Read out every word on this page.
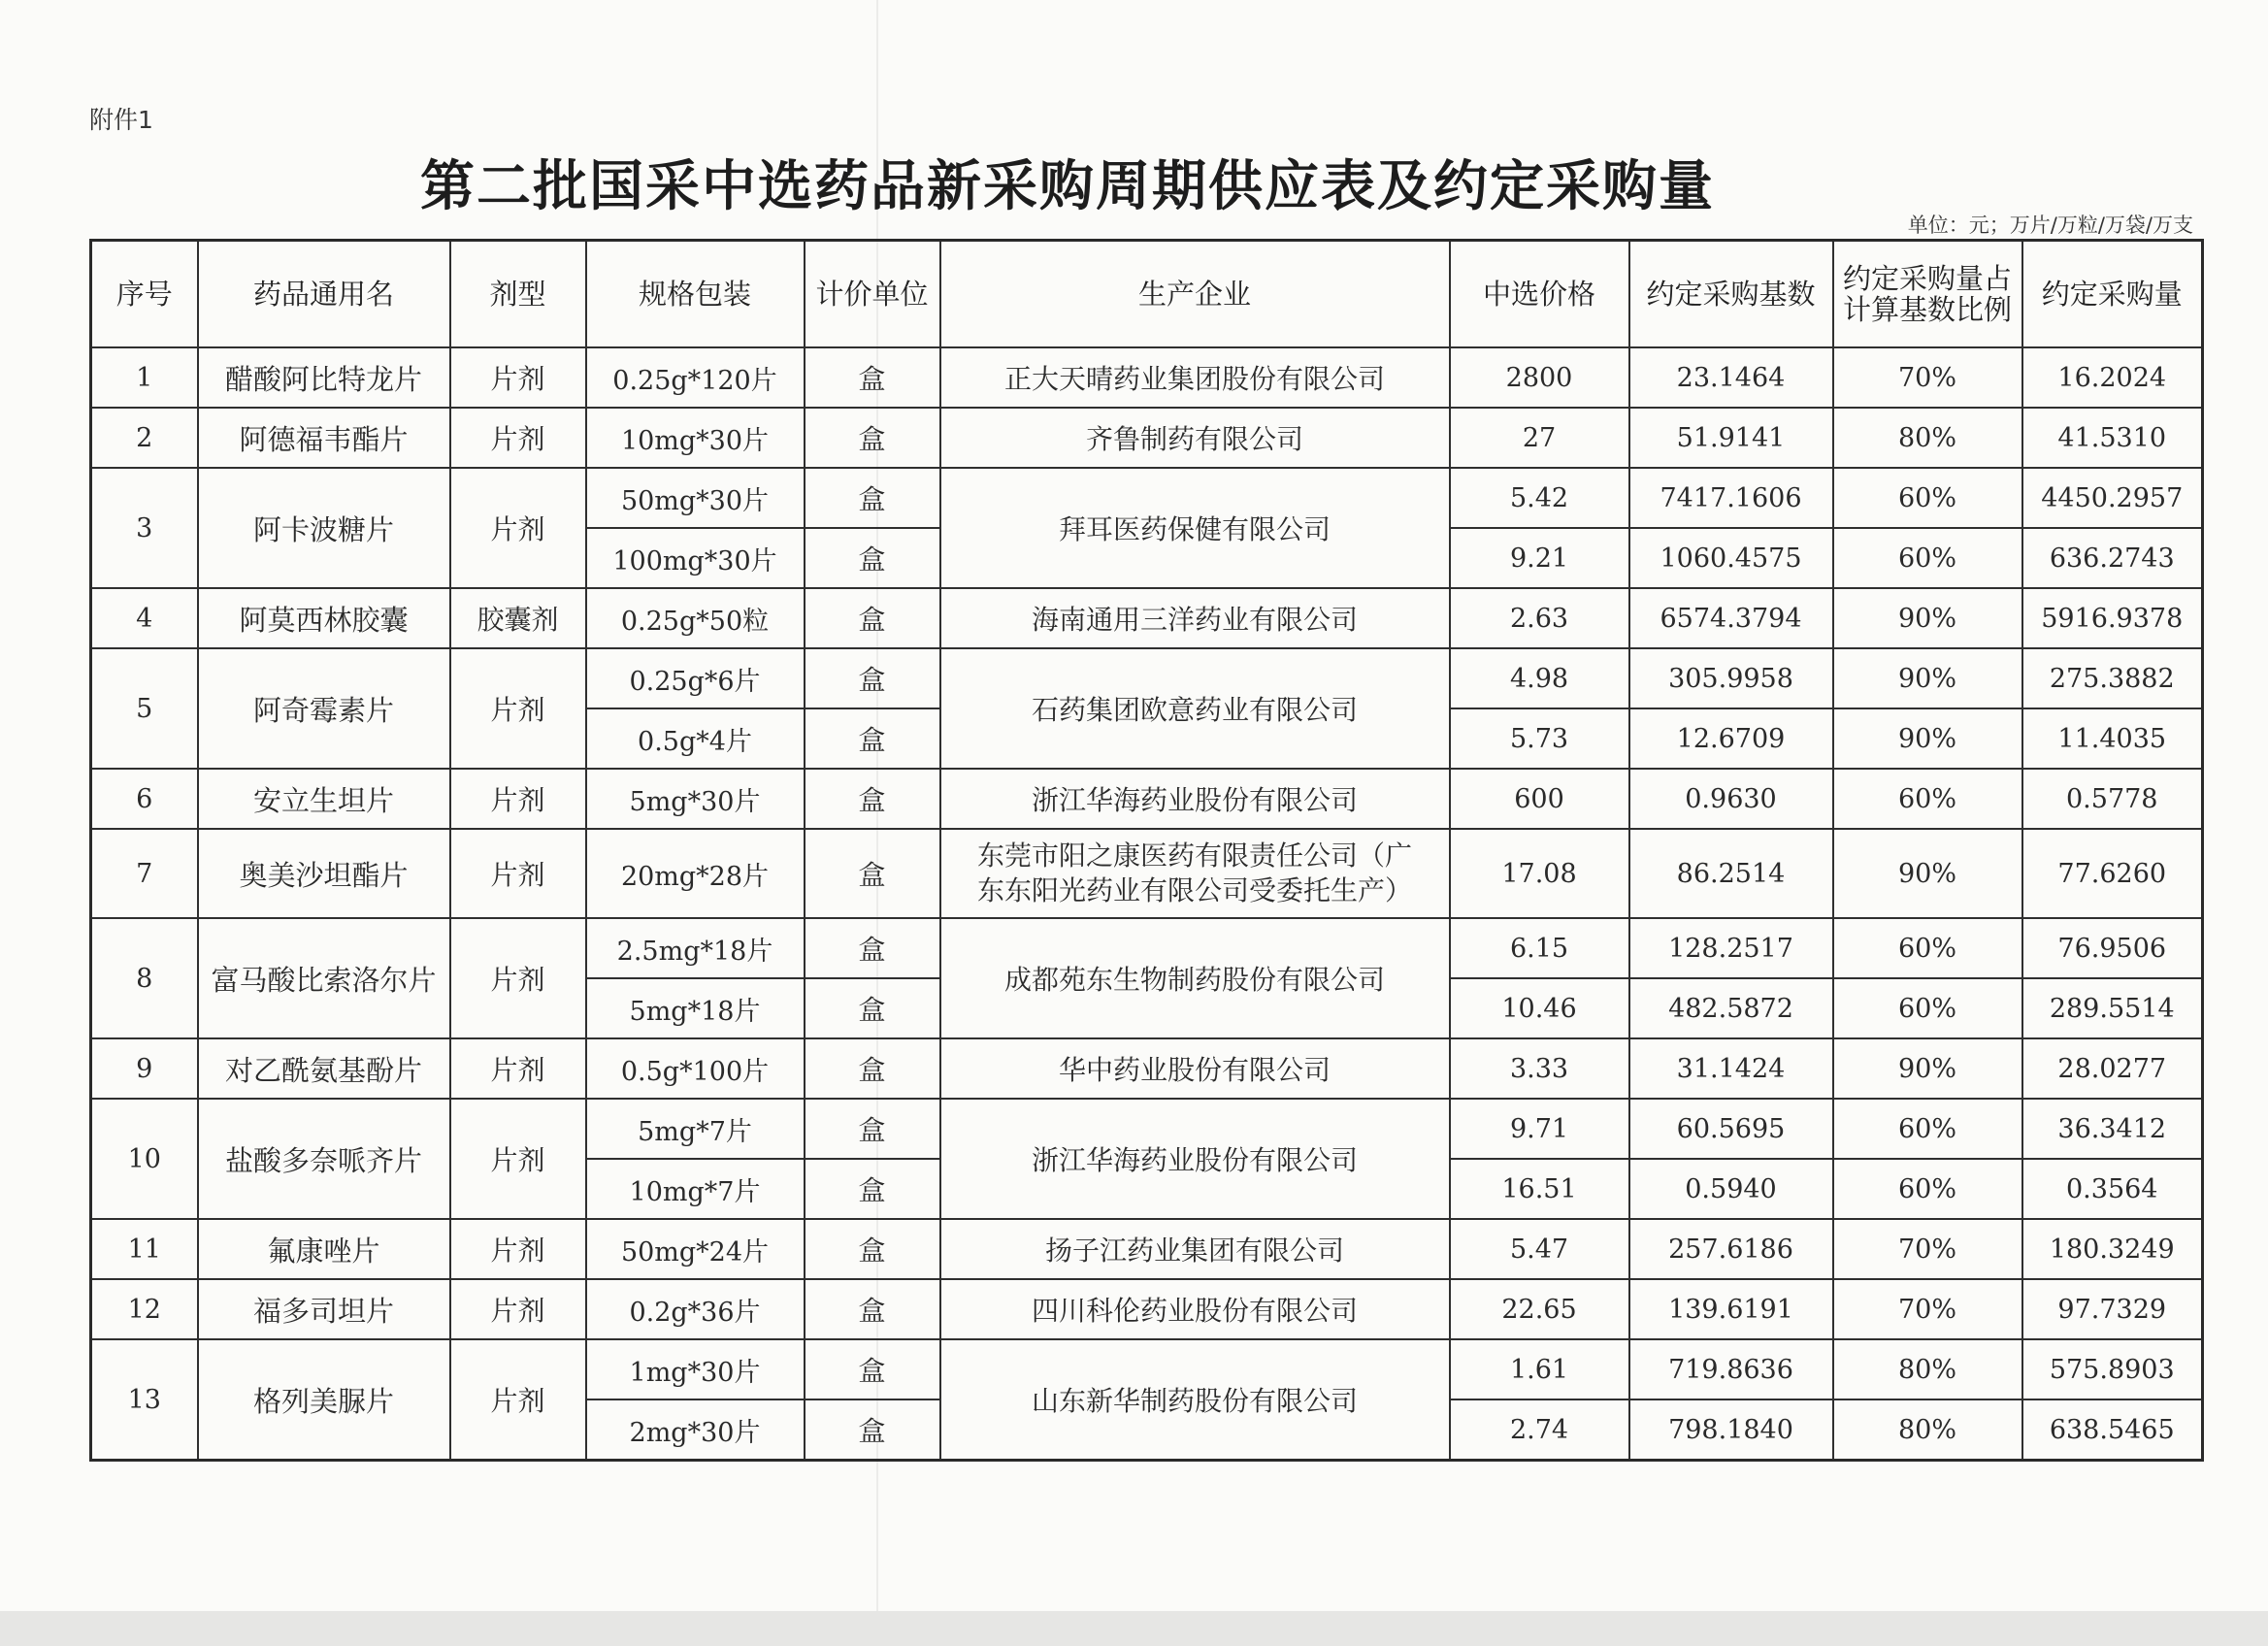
附件1
第二批国采中选药品新采购周期供应表及约定采购量
单位：元；万片/万粒/万袋/万支
序号	药品通用名	剂型	规格包装	计价单位	生产企业	中选价格	约定采购基数	约定采购量占计算基数比例	约定采购量
1	醋酸阿比特龙片	片剂	0.25g*120片	盒	正大天晴药业集团股份有限公司	2800	23.1464	70%	16.2024
2	阿德福韦酯片	片剂	10mg*30片	盒	齐鲁制药有限公司	27	51.9141	80%	41.5310
3	阿卡波糖片	片剂	50mg*30片	盒	拜耳医药保健有限公司	5.42	7417.1606	60%	4450.2957
			100mg*30片	盒		9.21	1060.4575	60%	636.2743
4	阿莫西林胶囊	胶囊剂	0.25g*50粒	盒	海南通用三洋药业有限公司	2.63	6574.3794	90%	5916.9378
5	阿奇霉素片	片剂	0.25g*6片	盒	石药集团欧意药业有限公司	4.98	305.9958	90%	275.3882
			0.5g*4片	盒		5.73	12.6709	90%	11.4035
6	安立生坦片	片剂	5mg*30片	盒	浙江华海药业股份有限公司	600	0.9630	60%	0.5778
7	奥美沙坦酯片	片剂	20mg*28片	盒	东莞市阳之康医药有限责任公司（广
东东阳光药业有限公司受委托生产）	17.08	86.2514	90%	77.6260
8	富马酸比索洛尔片	片剂	2.5mg*18片	盒	成都苑东生物制药股份有限公司	6.15	128.2517	60%	76.9506
			5mg*18片	盒		10.46	482.5872	60%	289.5514
9	对乙酰氨基酚片	片剂	0.5g*100片	盒	华中药业股份有限公司	3.33	31.1424	90%	28.0277
10	盐酸多奈哌齐片	片剂	5mg*7片	盒	浙江华海药业股份有限公司	9.71	60.5695	60%	36.3412
			10mg*7片	盒		16.51	0.5940	60%	0.3564
11	氟康唑片	片剂	50mg*24片	盒	扬子江药业集团有限公司	5.47	257.6186	70%	180.3249
12	福多司坦片	片剂	0.2g*36片	盒	四川科伦药业股份有限公司	22.65	139.6191	70%	97.7329
13	格列美脲片	片剂	1mg*30片	盒	山东新华制药股份有限公司	1.61	719.8636	80%	575.8903
			2mg*30片	盒		2.74	798.1840	80%	638.5465
